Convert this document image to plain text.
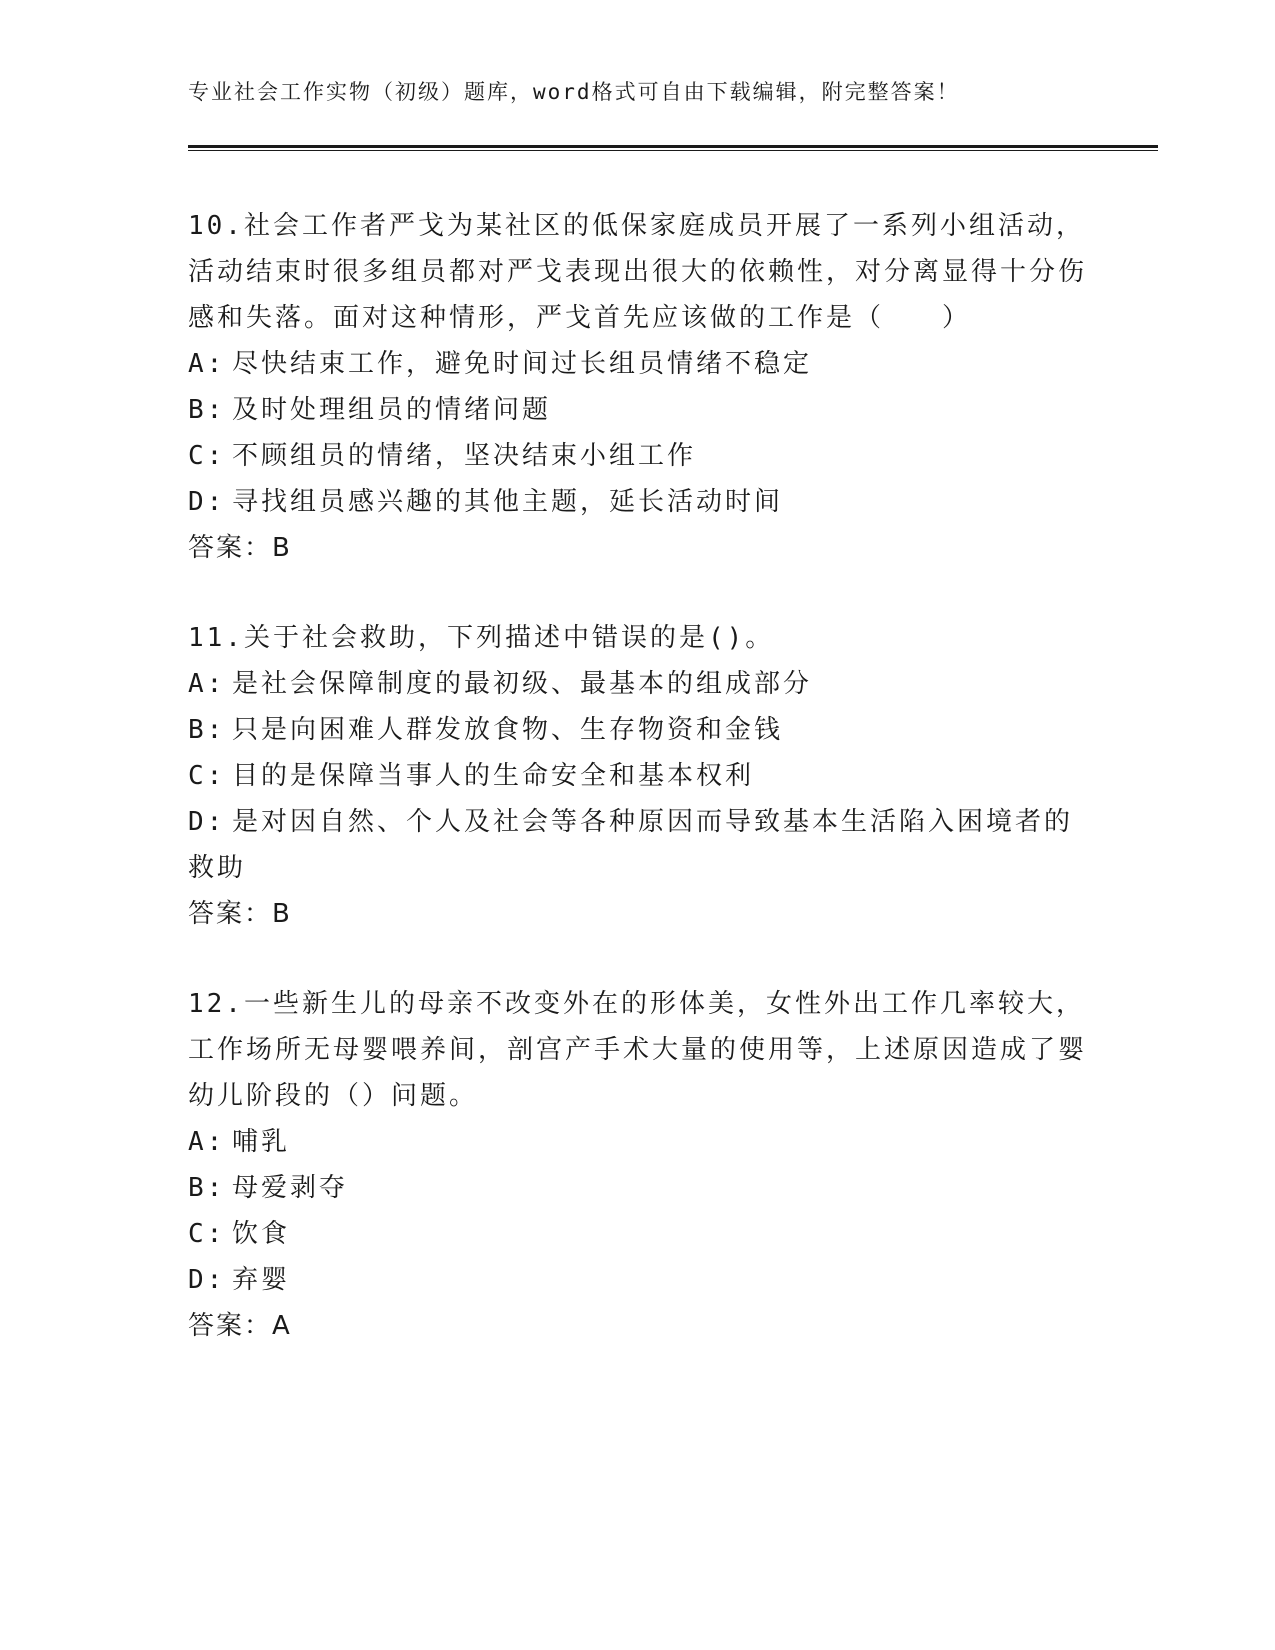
专业社会工作实物（初级）题库，word格式可自由下载编辑，附完整答案！

10.社会工作者严戈为某社区的低保家庭成员开展了一系列小组活动，活动结束时很多组员都对严戈表现出很大的依赖性，对分离显得十分伤感和失落。面对这种情形，严戈首先应该做的工作是（　　）

A: 尽快结束工作，避免时间过长组员情绪不稳定

B: 及时处理组员的情绪问题

C: 不顾组员的情绪，坚决结束小组工作

D: 寻找组员感兴趣的其他主题，延长活动时间

答案：B

11.关于社会救助，下列描述中错误的是()。

A: 是社会保障制度的最初级、最基本的组成部分

B: 只是向困难人群发放食物、生存物资和金钱

C: 目的是保障当事人的生命安全和基本权利

D: 是对因自然、个人及社会等各种原因而导致基本生活陷入困境者的救助

答案：B

12.一些新生儿的母亲不改变外在的形体美，女性外出工作几率较大，工作场所无母婴喂养间，剖宫产手术大量的使用等，上述原因造成了婴幼儿阶段的（）问题。

A: 哺乳

B: 母爱剥夺

C: 饮食

D: 弃婴

答案：A
